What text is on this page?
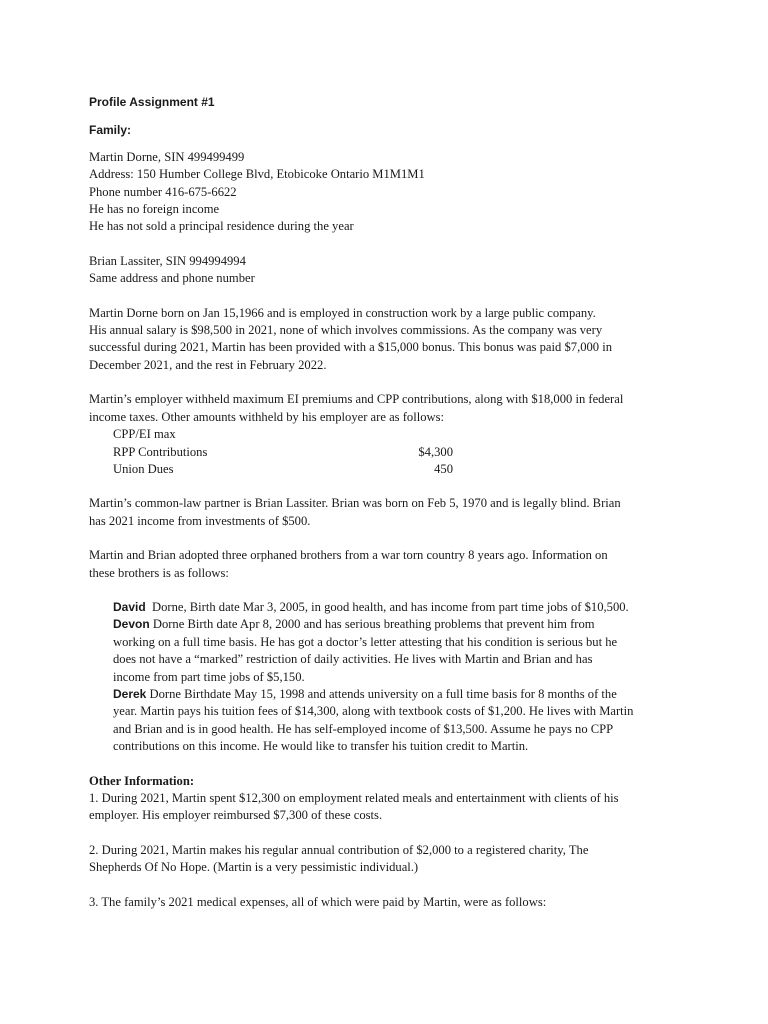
Profile Assignment #1

Family:

Martin Dorne, SIN 499499499
Address: 150 Humber College Blvd, Etobicoke Ontario M1M1M1
Phone number 416-675-6622
He has no foreign income
He has not sold a principal residence during the year
Brian Lassiter, SIN 994994994
Same address and phone number
Martin Dorne born on Jan 15,1966 and is employed in construction work by a large public company.
His annual salary is $98,500 in 2021, none of which involves commissions. As the company was very
successful during 2021, Martin has been provided with a $15,000 bonus. This bonus was paid $7,000 in
December 2021, and the rest in February 2022.
Martin’s employer withheld maximum EI premiums and CPP contributions, along with $18,000 in federal
income taxes. Other amounts withheld by his employer are as follows:
CPP/EI max
RPP Contributions	$4,300
Union Dues	450
Martin’s common-law partner is Brian Lassiter. Brian was born on Feb 5, 1970 and is legally blind. Brian
has 2021 income from investments of $500.
Martin and Brian adopted three orphaned brothers from a war torn country 8 years ago. Information on
these brothers is as follows:
David Dorne, Birth date Mar 3, 2005, in good health, and has income from part time jobs of $10,500.
Devon Dorne Birth date Apr 8, 2000 and has serious breathing problems that prevent him from
working on a full time basis. He has got a doctor’s letter attesting that his condition is serious but he
does not have a “marked” restriction of daily activities. He lives with Martin and Brian and has
income from part time jobs of $5,150.
Derek Dorne Birthdate May 15, 1998 and attends university on a full time basis for 8 months of the
year. Martin pays his tuition fees of $14,300, along with textbook costs of $1,200. He lives with Martin
and Brian and is in good health. He has self-employed income of $13,500. Assume he pays no CPP
contributions on this income. He would like to transfer his tuition credit to Martin.

Other Information:

1. During 2021, Martin spent $12,300 on employment related meals and entertainment with clients of his
employer. His employer reimbursed $7,300 of these costs.
2. During 2021, Martin makes his regular annual contribution of $2,000 to a registered charity, The
Shepherds Of No Hope. (Martin is a very pessimistic individual.)
3. The family’s 2021 medical expenses, all of which were paid by Martin, were as follows:
